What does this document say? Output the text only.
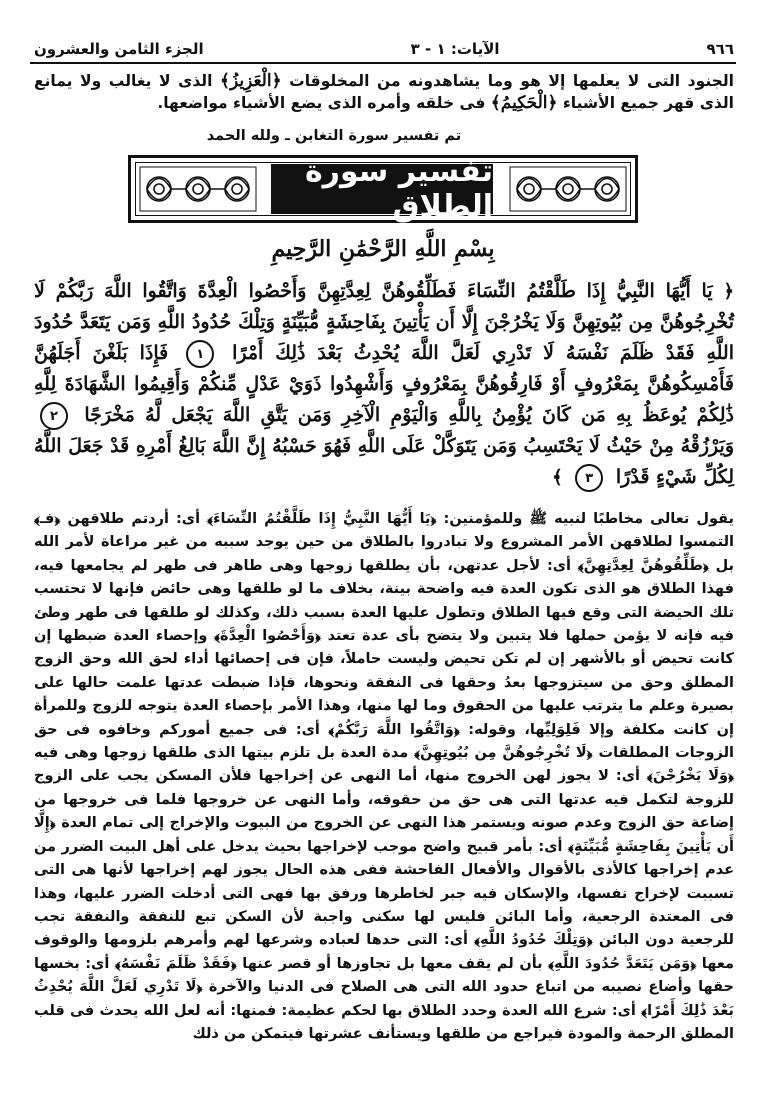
٩٦٦
الآيات: ١ - ٣
الجزء الثامن والعشرون
الجنود التى لا يعلمها إلا هو وما يشاهدونه من المخلوقات ﴿الْعَزِيزُ﴾ الذى لا يغالب ولا يمانع الذى قهر جميع الأشياء ﴿الْحَكِيمُ﴾ فى خلقه وأمره الذى يضع الأشياء مواضعها.
تم تفسير سورة التغابن ـ ولله الحمد
تفسير سورة الطلاق
بِسْمِ اللَّهِ الرَّحْمَٰنِ الرَّحِيمِ
﴿ يَا أَيُّهَا النَّبِيُّ إِذَا طَلَّقْتُمُ النِّسَاءَ فَطَلِّقُوهُنَّ لِعِدَّتِهِنَّ وَأَحْصُوا الْعِدَّةَ وَاتَّقُوا اللَّهَ رَبَّكُمْ لَا تُخْرِجُوهُنَّ مِن بُيُوتِهِنَّ وَلَا يَخْرُجْنَ إِلَّا أَن يَأْتِينَ بِفَاحِشَةٍ مُّبَيِّنَةٍ وَتِلْكَ حُدُودُ اللَّهِ وَمَن يَتَعَدَّ حُدُودَ اللَّهِ فَقَدْ ظَلَمَ نَفْسَهُ لَا تَدْرِي لَعَلَّ اللَّهَ يُحْدِثُ بَعْدَ ذَٰلِكَ أَمْرًا ١ فَإِذَا بَلَغْنَ أَجَلَهُنَّ فَأَمْسِكُوهُنَّ بِمَعْرُوفٍ أَوْ فَارِقُوهُنَّ بِمَعْرُوفٍ وَأَشْهِدُوا ذَوَيْ عَدْلٍ مِّنكُمْ وَأَقِيمُوا الشَّهَادَةَ لِلَّهِ ذَٰلِكُمْ يُوعَظُ بِهِ مَن كَانَ يُؤْمِنُ بِاللَّهِ وَالْيَوْمِ الْآخِرِ وَمَن يَتَّقِ اللَّهَ يَجْعَل لَّهُ مَخْرَجًا ٢ وَيَرْزُقْهُ مِنْ حَيْثُ لَا يَحْتَسِبُ وَمَن يَتَوَكَّلْ عَلَى اللَّهِ فَهُوَ حَسْبُهُ إِنَّ اللَّهَ بَالِغُ أَمْرِهِ قَدْ جَعَلَ اللَّهُ لِكُلِّ شَيْءٍ قَدْرًا ٣ ﴾

يقول تعالى مخاطبًا لنبيه ﷺ وللمؤمنين: ﴿يَا أَيُّهَا النَّبِيُّ إِذَا طَلَّقْتُمُ النِّسَاءَ﴾ أى: أردتم طلاقهن ﴿فـ﴾ التمسوا لطلاقهن الأمر المشروع ولا تبادروا بالطلاق من حين يوجد سببه من غير مراعاة لأمر الله بل ﴿طَلِّقُوهُنَّ لِعِدَّتِهِنَّ﴾ أى: لأجل عدتهن، بأن يطلقها زوجها وهى طاهر فى طهر لم يجامعها فيه، فهذا الطلاق هو الذى تكون العدة فيه واضحة بينة، بخلاف ما لو طلقها وهى حائض فإنها لا تحتسب تلك الحيضة التى وقع فيها الطلاق وتطول عليها العدة بسبب ذلك، وكذلك لو طلقها فى طهر وطئ فيه فإنه لا يؤمن حملها فلا يتبين ولا يتضح بأى عدة تعتد ﴿وَأَحْصُوا الْعِدَّةَ﴾ وإحصاء العدة ضبطها إن كانت تحيض أو بالأشهر إن لم تكن تحيض وليست حاملاً، فإن فى إحصائها أداء لحق الله وحق الزوج المطلق وحق من سيتزوجها بعدُ وحقها فى النفقة ونحوها، فإذا ضبطت عدتها علمت حالها على بصيرة وعلم ما يترتب عليها من الحقوق وما لها منها، وهذا الأمر بإحصاء العدة يتوجه للزوج وللمرأة إن كانت مكلفة وإلا فَلِوَلِيِّها، وقوله: ﴿وَاتَّقُوا اللَّهَ رَبَّكُمْ﴾ أى: فى جميع أموركم وخافوه فى حق الزوجات المطلقات ﴿لَا تُخْرِجُوهُنَّ مِن بُيُوتِهِنَّ﴾ مدة العدة بل تلزم بيتها الذى طلقها زوجها وهى فيه ﴿وَلَا يَخْرُجْنَ﴾ أى: لا يجوز لهن الخروج منها، أما النهى عن إخراجها فلأن المسكن يجب على الزوج للزوجة لتكمل فيه عدتها التى هى حق من حقوقه، وأما النهى عن خروجها فلما فى خروجها من إضاعة حق الزوج وعدم صونه ويستمر هذا النهى عن الخروج من البيوت والإخراج إلى تمام العدة ﴿إِلَّا أَن يَأْتِينَ بِفَاحِشَةٍ مُّبَيِّنَةٍ﴾ أى: بأمر قبيح واضح موجب لإخراجها بحيث يدخل على أهل البيت الضرر من عدم إخراجها كالأذى بالأقوال والأفعال الفاحشة ففى هذه الحال يجوز لهم إخراجها لأنها هى التى تسببت لإخراج نفسها، والإسكان فيه جبر لخاطرها ورفق بها فهى التى أدخلت الضرر عليها، وهذا فى المعتدة الرجعية، وأما البائن فليس لها سكنى واجبة لأن السكن تبع للنفقة والنفقة تجب للرجعية دون البائن ﴿وَتِلْكَ حُدُودُ اللَّهِ﴾ أى: التى حدها لعباده وشرعها لهم وأمرهم بلزومها والوقوف معها ﴿وَمَن يَتَعَدَّ حُدُودَ اللَّهِ﴾ بأن لم يقف معها بل تجاوزها أو قصر عنها ﴿فَقَدْ ظَلَمَ نَفْسَهُ﴾ أى: بخسها حقها وأضاع نصيبه من اتباع حدود الله التى هى الصلاح فى الدنيا والآخرة ﴿لَا تَدْرِي لَعَلَّ اللَّهَ يُحْدِثُ بَعْدَ ذَٰلِكَ أَمْرًا﴾ أى: شرع الله العدة وحدد الطلاق بها لحكم عظيمة: فمنها: أنه لعل الله يحدث فى قلب المطلق الرحمة والمودة فيراجع من طلقها ويستأنف عشرتها فيتمكن من ذلك
